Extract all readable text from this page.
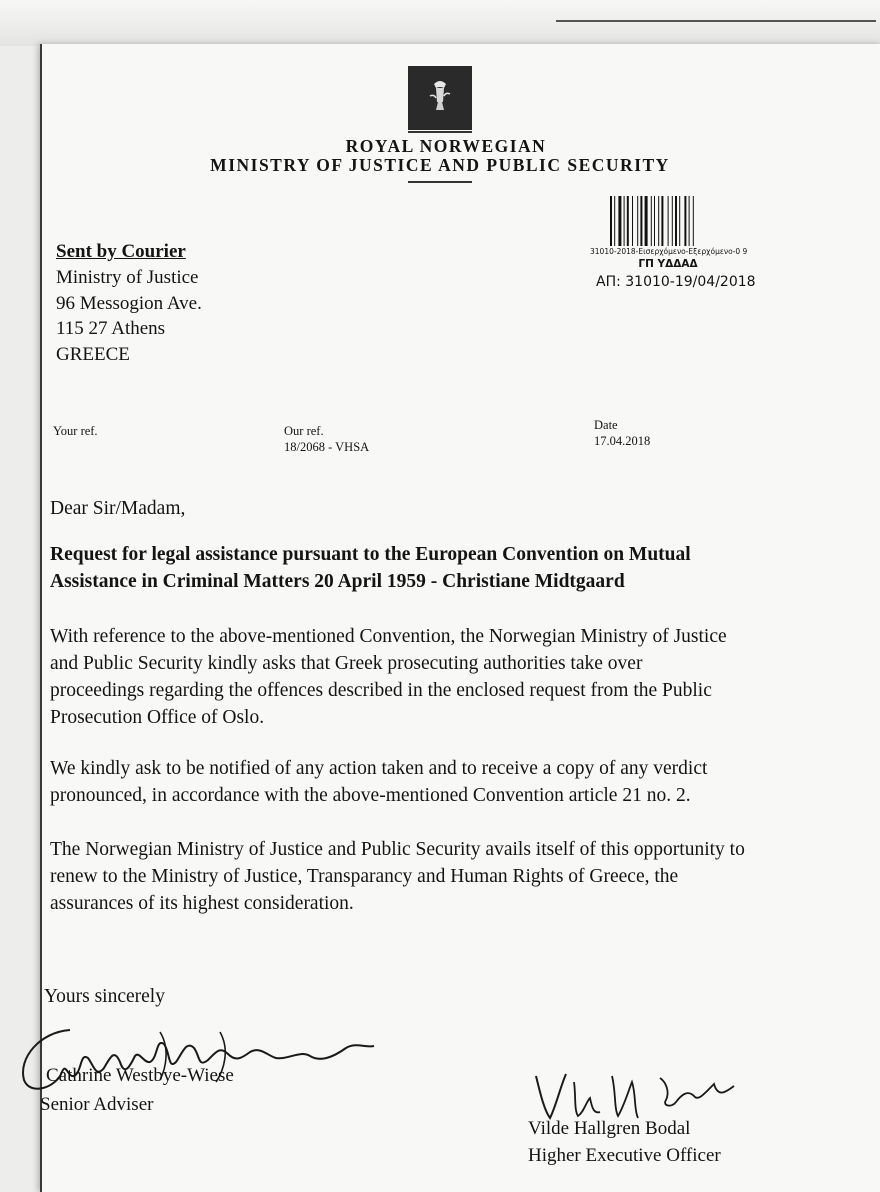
ROYAL NORWEGIAN
MINISTRY OF JUSTICE AND PUBLIC SECURITY
31010-2018-Εισερχόμενο-Εξερχόμενο-0 9
ΓΠ ΥΔΔΑΔ
ΑΠ: 31010-19/04/2018
Sent by Courier
Ministry of Justice
96 Messogion Ave.
115 27 Athens
GREECE
Your ref.	Our ref.
18/2068 - VHSA
Date
17.04.2018
Dear Sir/Madam,
Request for legal assistance pursuant to the European Convention on Mutual
Assistance in Criminal Matters 20 April 1959 - Christiane Midtgaard
With reference to the above-mentioned Convention, the Norwegian Ministry of Justice
and Public Security kindly asks that Greek prosecuting authorities take over
proceedings regarding the offences described in the enclosed request from the Public
Prosecution Office of Oslo.
We kindly ask to be notified of any action taken and to receive a copy of any verdict
pronounced, in accordance with the above-mentioned Convention article 21 no. 2.
The Norwegian Ministry of Justice and Public Security avails itself of this opportunity to
renew to the Ministry of Justice, Transparancy and Human Rights of Greece, the
assurances of its highest consideration.
Yours sincerely
Cathrine Westbye-Wiese
Senior Adviser
Vilde Hallgren Bodal
Higher Executive Officer
